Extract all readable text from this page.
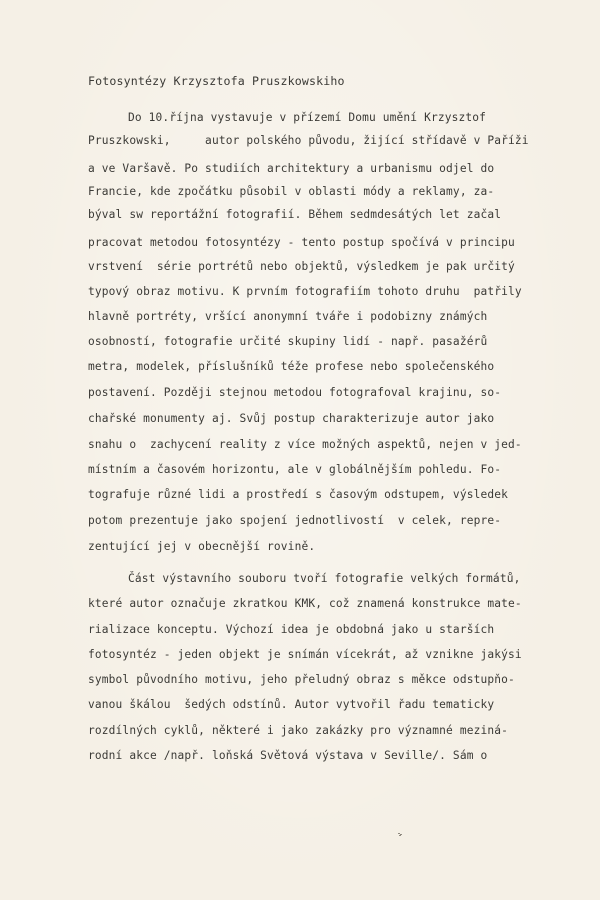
Fotosyntézy Krzysztofa Pruszkowskiho
Do 10.října vystavuje v přízemí Domu umění Krzysztof
Pruszkowski,     autor polského původu, žijící střídavě v Paříži
a ve Varšavě. Po studiích architektury a urbanismu odjel do
Francie, kde zpočátku působil v oblasti módy a reklamy, za-
býval sw reportážní fotografií. Během sedmdesátých let začal
pracovat metodou fotosyntézy - tento postup spočívá v principu
vrstvení  série portrétů nebo objektů, výsledkem je pak určitý
typový obraz motivu. K prvním fotografiím tohoto druhu  patřily
hlavně portréty, vršící anonymní tváře i podobizny známých
osobností, fotografie určité skupiny lidí - např. pasažérů
metra, modelek, příslušníků téže profese nebo společenského
postavení. Později stejnou metodou fotografoval krajinu, so-
chařské monumenty aj. Svůj postup charakterizuje autor jako
snahu o  zachycení reality z více možných aspektů, nejen v jed-
místním a časovém horizontu, ale v globálnějším pohledu. Fo-
tografuje různé lidi a prostředí s časovým odstupem, výsledek
potom prezentuje jako spojení jednotlivostí  v celek, repre-
zentující jej v obecnější rovině.
Část výstavního souboru tvoří fotografie velkých formátů,
které autor označuje zkratkou KMK, což znamená konstrukce mate-
rializace konceptu. Výchozí idea je obdobná jako u starších
fotosyntéz - jeden objekt je snímán vícekrát, až vznikne jakýsi
symbol původního motivu, jeho přeludný obraz s měkce odstupňo-
vanou škálou  šedých odstínů. Autor vytvořil řadu tematicky
rozdílných cyklů, některé i jako zakázky pro významné meziná-
rodní akce /např. loňská Světová výstava v Seville/. Sám o
